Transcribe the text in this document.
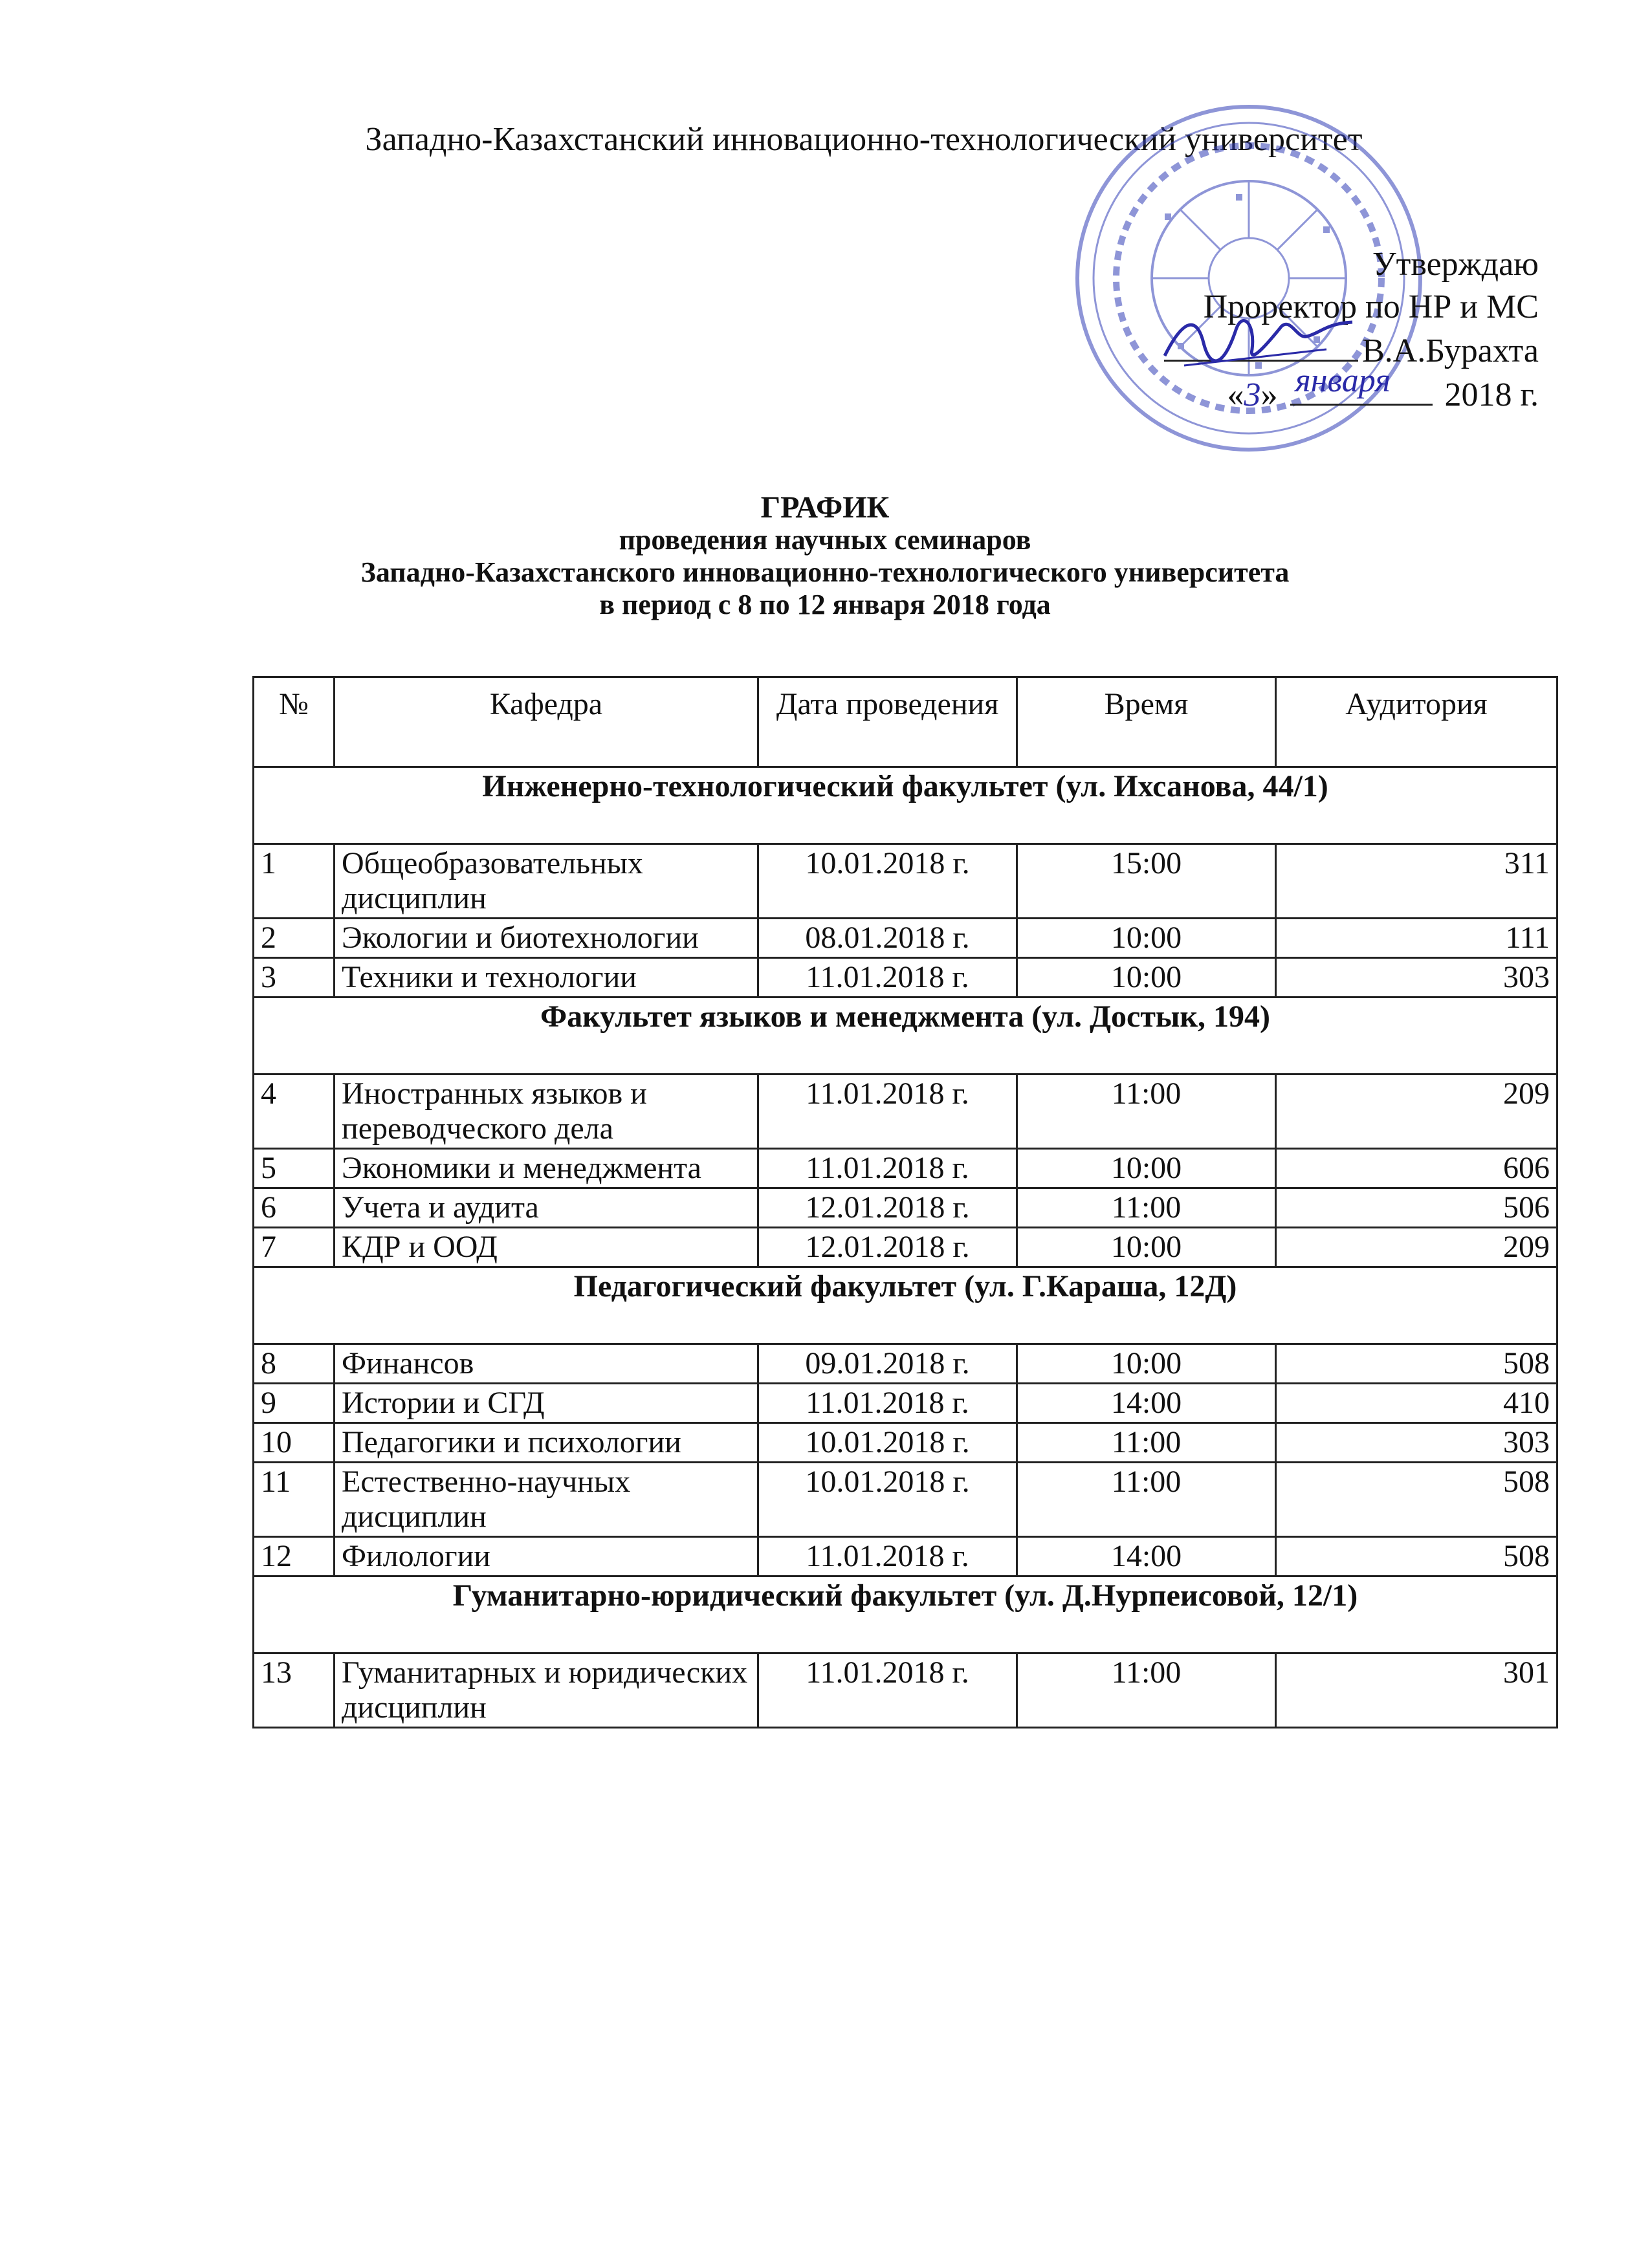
Западно-Казахстанский инновационно-технологический университет
Утверждаю
Проректор по НР и МС
В.А.Бурахта
«3» января 2018 г.
ГРАФИК
проведения научных семинаров
Западно-Казахстанского инновационно-технологического университета
в период с 8 по 12 января 2018 года
№	Кафедра	Дата проведения	Время	Аудитория
Инженерно-технологический факультет (ул. Ихсанова, 44/1)				
1	Общеобразовательных дисциплин	10.01.2018 г.	15:00	311
2	Экологии и биотехнологии	08.01.2018 г.	10:00	111
3	Техники и технологии	11.01.2018 г.	10:00	303
Факультет языков и менеджмента (ул. Достык, 194)				
4	Иностранных языков и переводческого дела	11.01.2018 г.	11:00	209
5	Экономики и менеджмента	11.01.2018 г.	10:00	606
6	Учета и аудита	12.01.2018 г.	11:00	506
7	КДР и ООД	12.01.2018 г.	10:00	209
Педагогический факультет (ул. Г.Караша, 12Д)				
8	Финансов	09.01.2018 г.	10:00	508
9	Истории и СГД	11.01.2018 г.	14:00	410
10	Педагогики и психологии	10.01.2018 г.	11:00	303
11	Естественно-научных дисциплин	10.01.2018 г.	11:00	508
12	Филологии	11.01.2018 г.	14:00	508
Гуманитарно-юридический факультет (ул. Д.Нурпеисовой, 12/1)				
13	Гуманитарных и юридических дисциплин	11.01.2018 г.	11:00	301
